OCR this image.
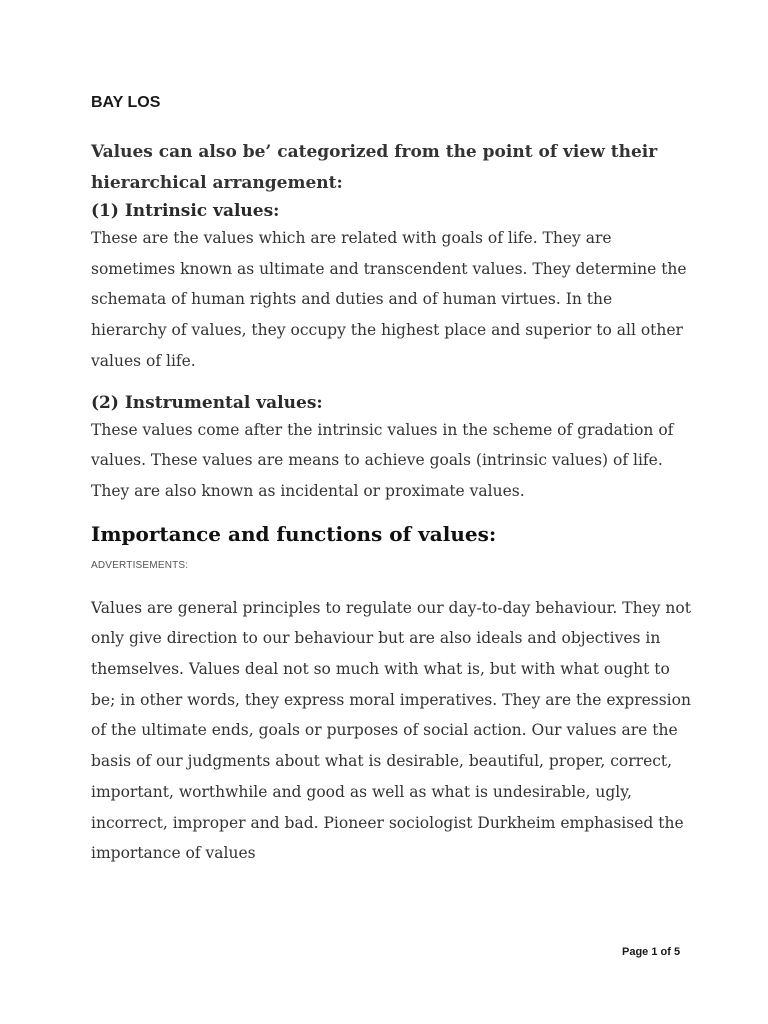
BAY LOS

Values can also be’ categorized from the point of view their hierarchical arrangement:

(1) Intrinsic values:

These are the values which are related with goals of life. They are sometimes known as ultimate and transcendent values. They determine the schemata of human rights and duties and of human virtues. In the hierarchy of values, they occupy the highest place and superior to all other values of life.

(2) Instrumental values:

These values come after the intrinsic values in the scheme of gradation of values. These values are means to achieve goals (intrinsic values) of life. They are also known as incidental or proximate values.

Importance and functions of values:

ADVERTISEMENTS:

Values are general principles to regulate our day-to-day behaviour. They not only give direction to our behaviour but are also ideals and objectives in themselves. Values deal not so much with what is, but with what ought to be; in other words, they express moral imperatives. They are the expression of the ultimate ends, goals or purposes of social action. Our values are the basis of our judgments about what is desirable, beautiful, proper, correct, important, worthwhile and good as well as what is undesirable, ugly, incorrect, improper and bad. Pioneer sociologist Durkheim emphasised the importance of values

Page 1 of 5
